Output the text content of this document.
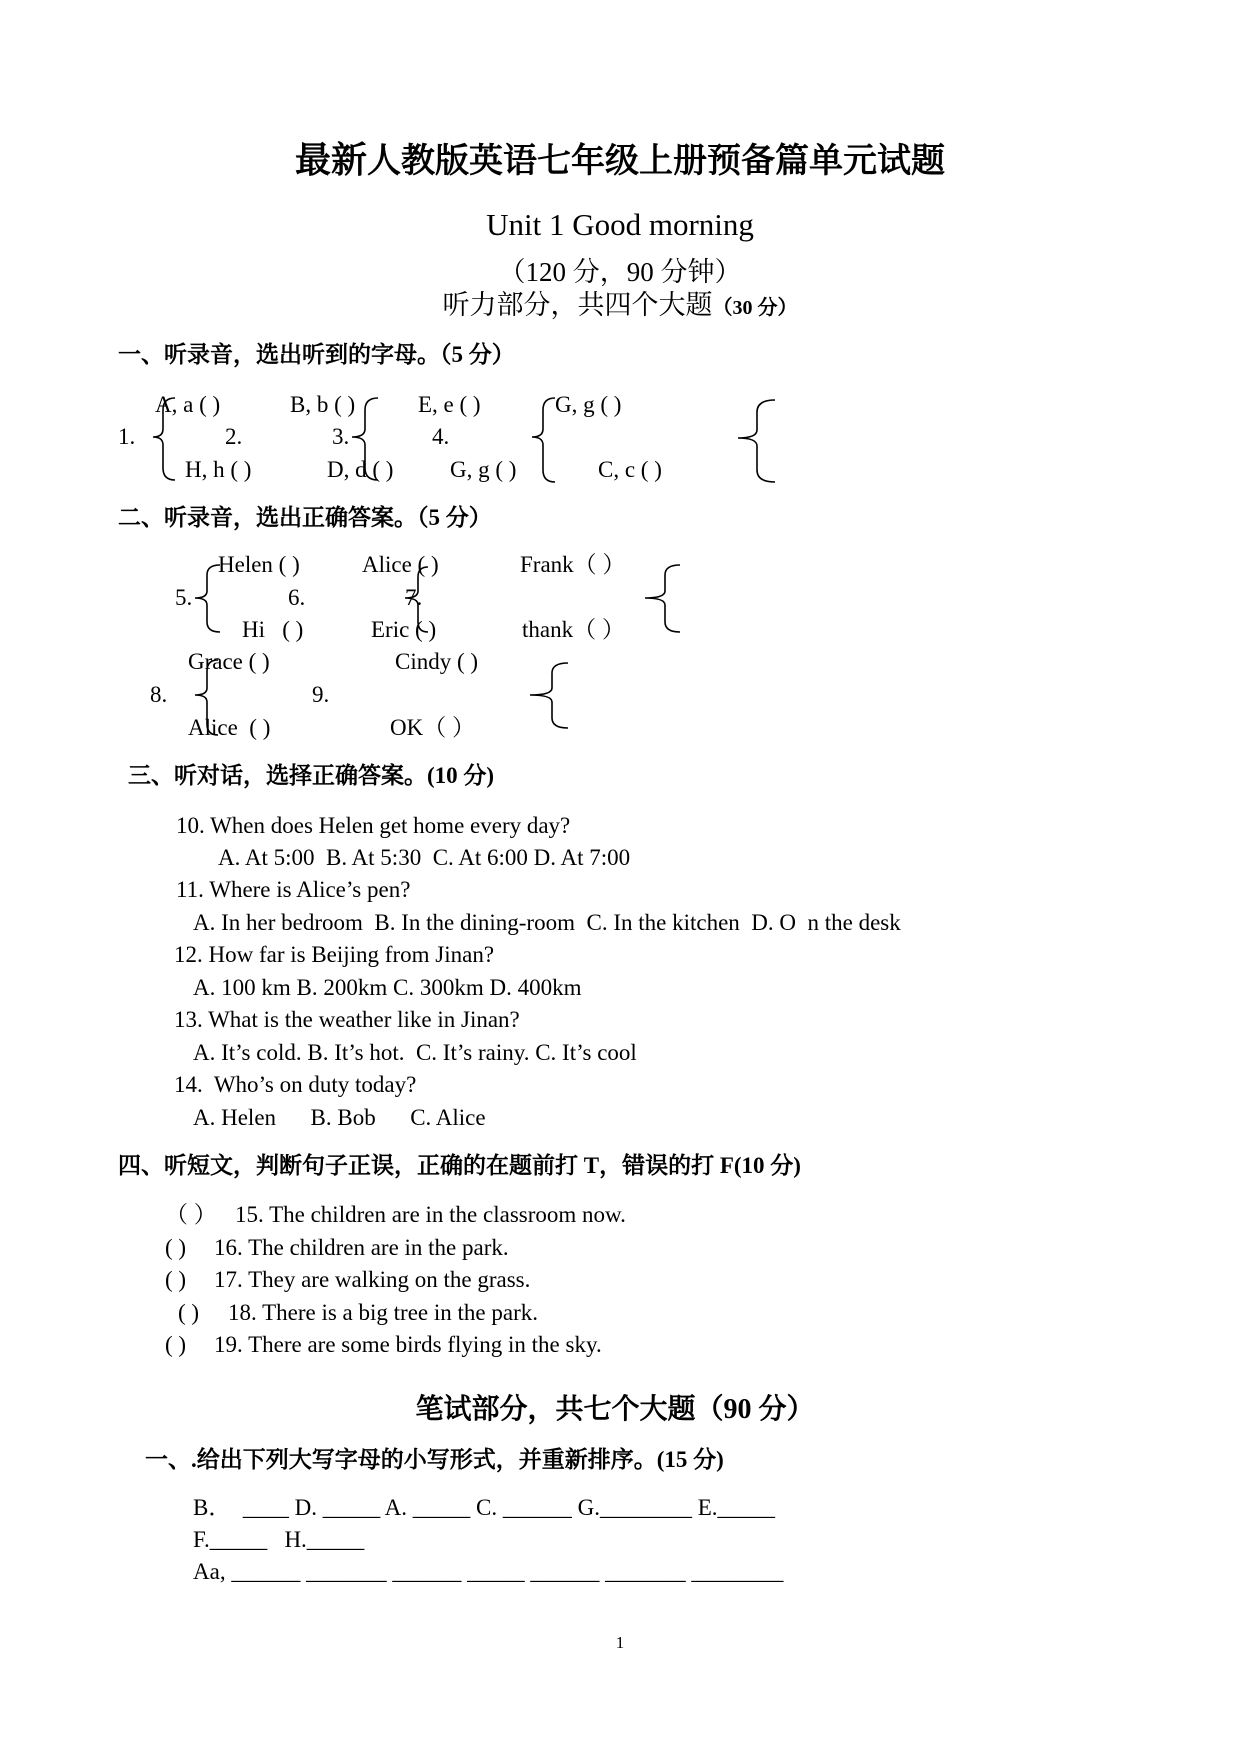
最新人教版英语七年级上册预备篇单元试题
Unit 1 Good morning
（120 分，90 分钟）
听力部分，共四个大题（30 分）
一、听录音，选出听到的字母。（5 分）
A, a ( )	B, b ( )	E, e ( )	G, g ( )
1.	2.	3.	4.
H, h ( )	D, d ( ) G, g ( )	C, c ( )
二、听录音，选出正确答案。（5 分）
Helen ( )	Alice ( )	Frank（ ）
5.	6.	7.
Hi   ( )	Eric ( )	thank（ ）
Grace ( )	Cindy ( )
8.	9.
Alice  ( )	OK（ ）
三、听对话，选择正确答案。(10 分)
10. When does Helen get home every day?
A. At 5:00  B. At 5:30  C. At 6:00 D. At 7:00
11. Where is Alice’s pen?
A. In her bedroom  B. In the dining-room  C. In the kitchen  D. O  n the desk
12. How far is Beijing from Jinan?
A. 100 km B. 200km C. 300km D. 400km
13. What is the weather like in Jinan?
A. It’s cold. B. It’s hot.  C. It’s rainy. C. It’s cool
14.  Who’s on duty today?
A. Helen      B. Bob      C. Alice
四、听短文，判断句子正误，正确的在题前打 T，错误的打 F(10 分)
（ ） 15. The children are in the classroom now.
( ) 16. The children are in the park.
( ) 17. They are walking on the grass.
( ) 18. There is a big tree in the park.
( ) 19. There are some birds flying in the sky.
笔试部分，共七个大题（90 分）
一、.给出下列大写字母的小写形式，并重新排序。(15 分)
B．  ____ D. _____ A. _____ C. ______ G.________ E._____
F._____   H._____
Aa, ______ _______ ______ _____ ______ _______ ________
1
